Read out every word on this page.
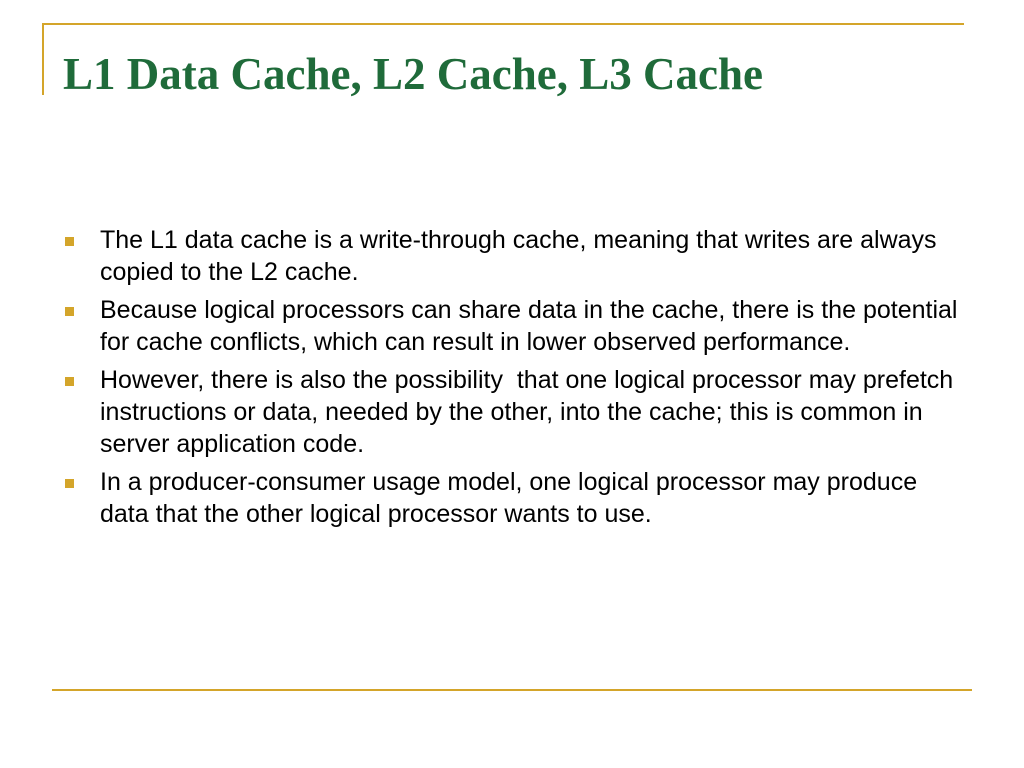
L1 Data Cache, L2 Cache, L3 Cache
The L1 data cache is a write-through cache, meaning that writes are always copied to the L2 cache.
Because logical processors can share data in the cache, there is the potential for cache conflicts, which can result in lower observed performance.
However, there is also the possibility  that one logical processor may prefetch instructions or data, needed by the other, into the cache; this is common in server application code.
In a producer-consumer usage model, one logical processor may produce data that the other logical processor wants to use.
